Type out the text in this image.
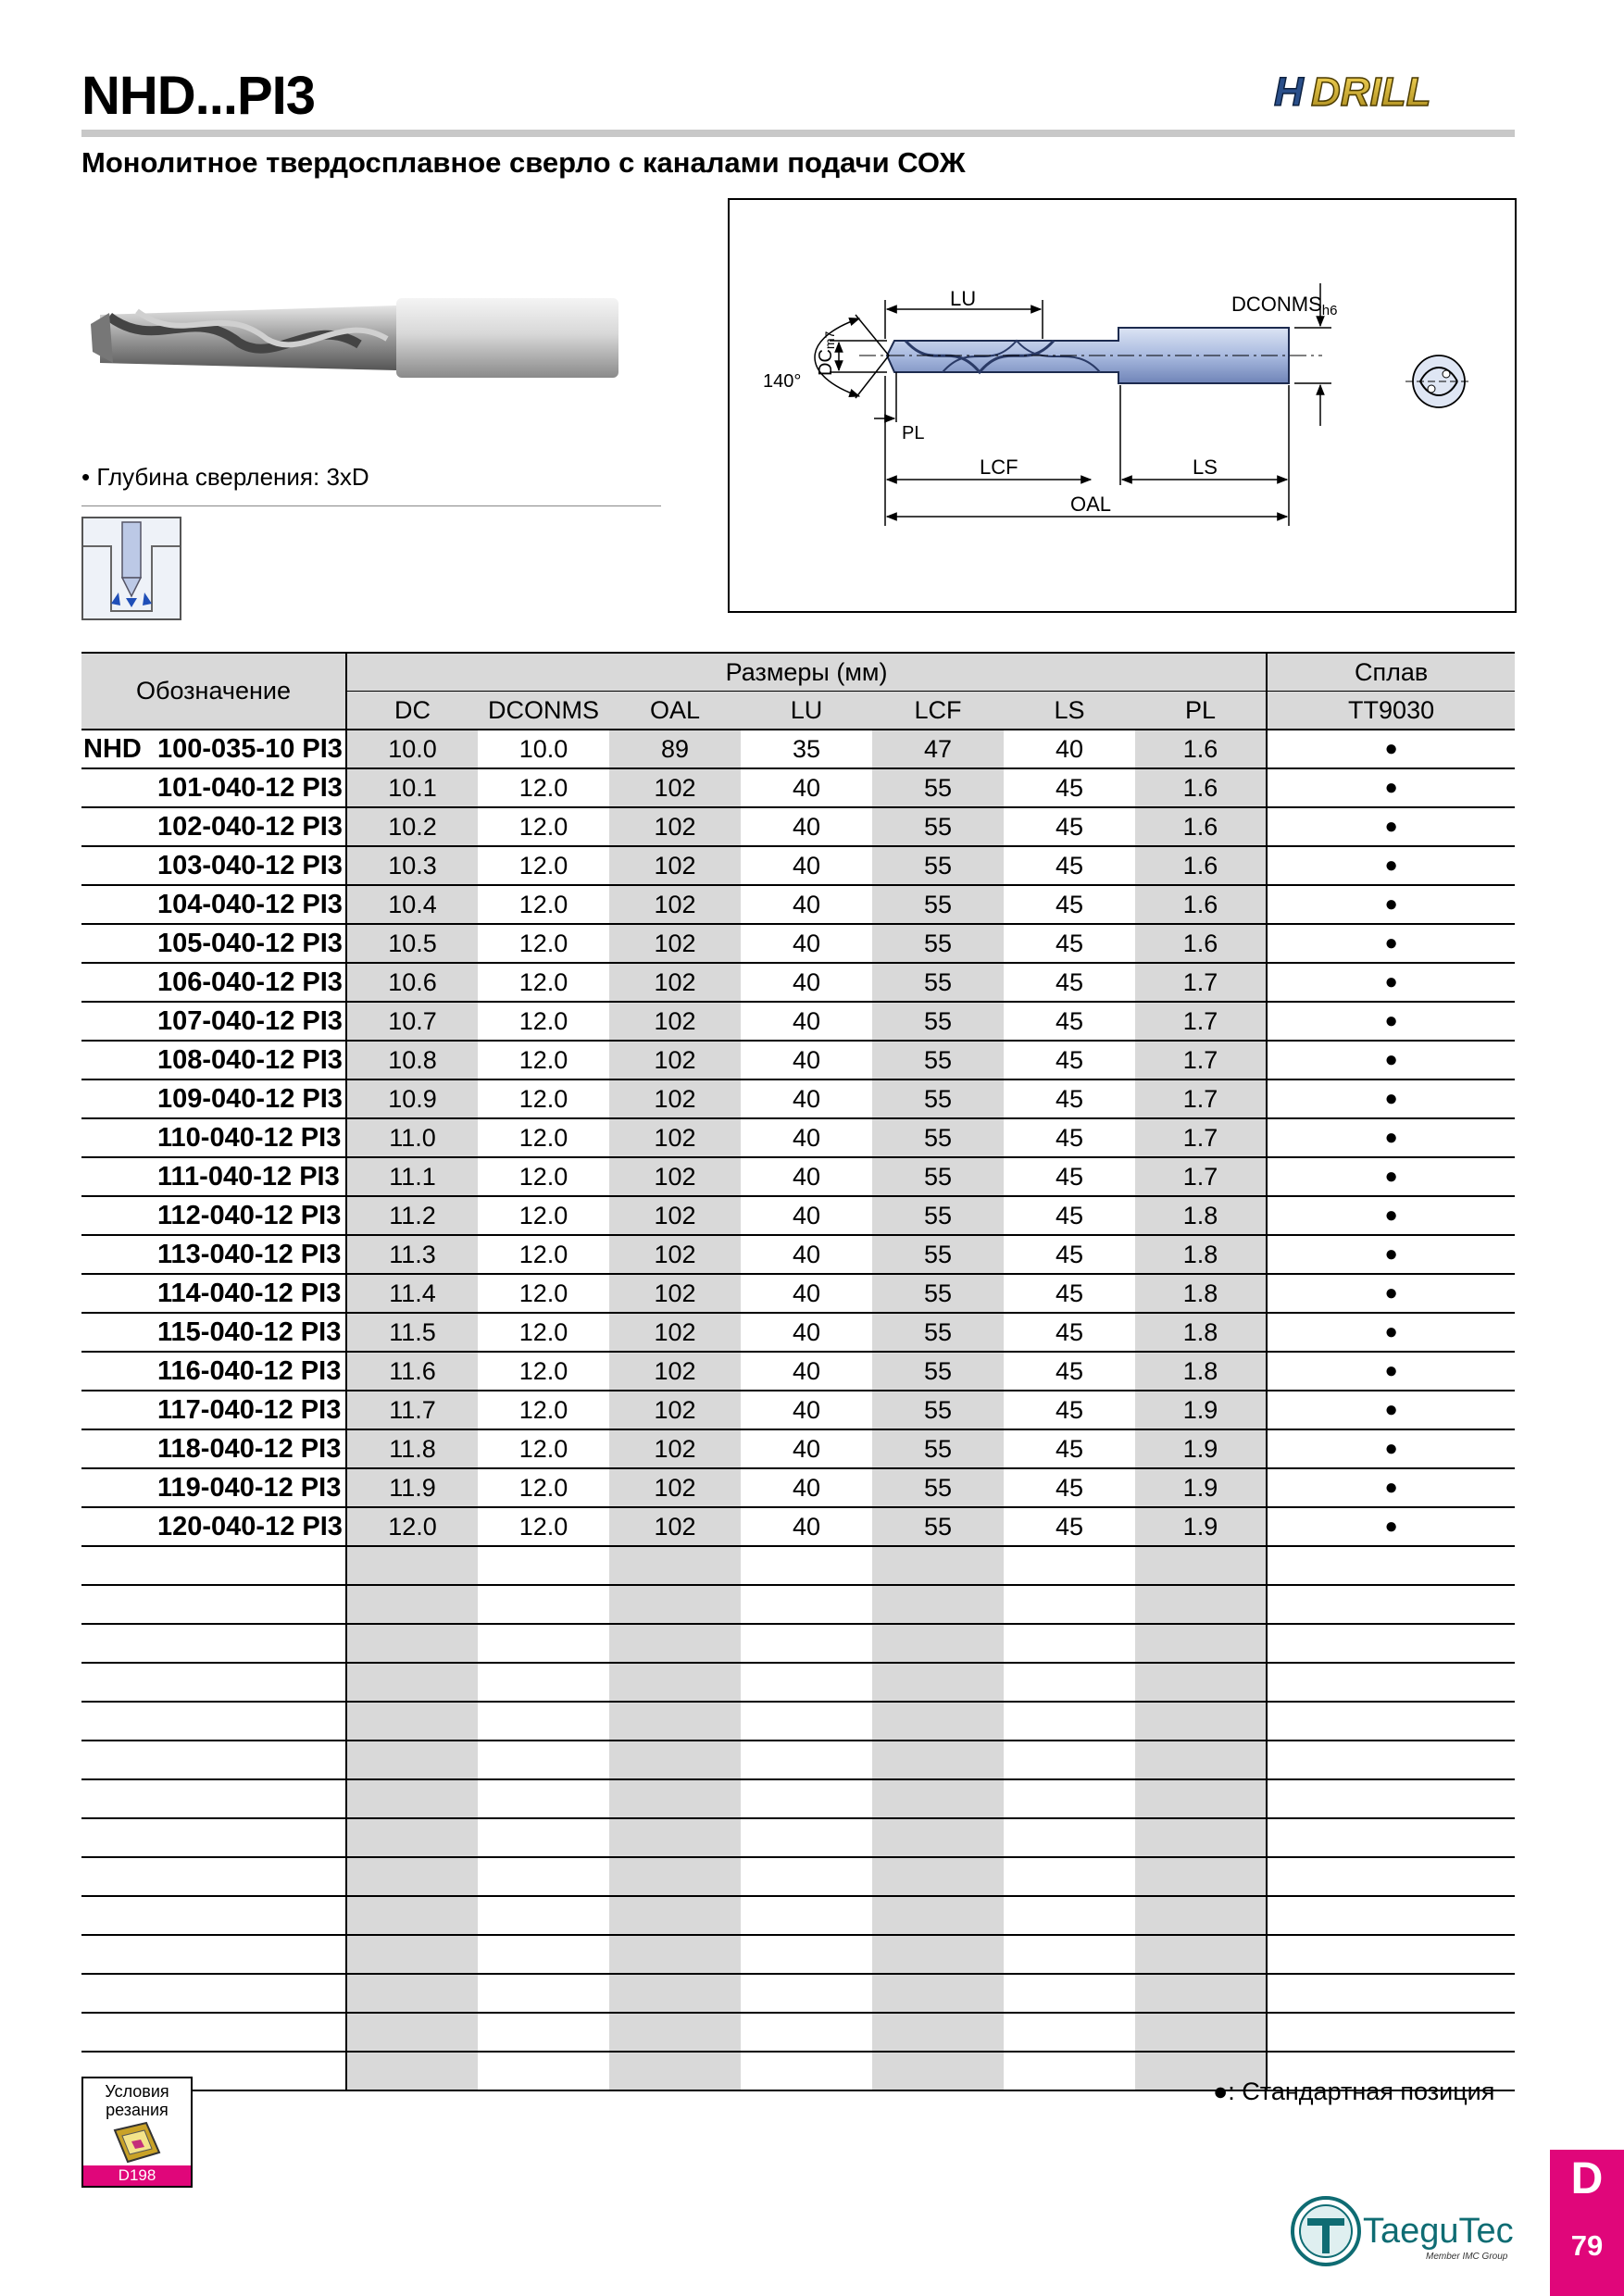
NHD...PI3	H DRILL
Монолитное твердосплавное сверло с каналами подачи СОЖ
• Глубина сверления: 3xD
LU	DCONMSh6
DCm7
140°
PL
LCF	LS
OAL
Обозначение	Размеры (мм)							Сплав
	DC	DCONMS	OAL	LU	LCF	LS	PL	TT9030
NHD 100-035-10 PI3	10.0	10.0	89	35	47	40	1.6	●
101-040-12 PI3	10.1	12.0	102	40	55	45	1.6	●
102-040-12 PI3	10.2	12.0	102	40	55	45	1.6	●
103-040-12 PI3	10.3	12.0	102	40	55	45	1.6	●
104-040-12 PI3	10.4	12.0	102	40	55	45	1.6	●
105-040-12 PI3	10.5	12.0	102	40	55	45	1.6	●
106-040-12 PI3	10.6	12.0	102	40	55	45	1.7	●
107-040-12 PI3	10.7	12.0	102	40	55	45	1.7	●
108-040-12 PI3	10.8	12.0	102	40	55	45	1.7	●
109-040-12 PI3	10.9	12.0	102	40	55	45	1.7	●
110-040-12 PI3	11.0	12.0	102	40	55	45	1.7	●
111-040-12 PI3	11.1	12.0	102	40	55	45	1.7	●
112-040-12 PI3	11.2	12.0	102	40	55	45	1.8	●
113-040-12 PI3	11.3	12.0	102	40	55	45	1.8	●
114-040-12 PI3	11.4	12.0	102	40	55	45	1.8	●
115-040-12 PI3	11.5	12.0	102	40	55	45	1.8	●
116-040-12 PI3	11.6	12.0	102	40	55	45	1.8	●
117-040-12 PI3	11.7	12.0	102	40	55	45	1.9	●
118-040-12 PI3	11.8	12.0	102	40	55	45	1.9	●
119-040-12 PI3	11.9	12.0	102	40	55	45	1.9	●
120-040-12 PI3	12.0	12.0	102	40	55	45	1.9	●

Условия
резания
D198
●: Стандартная позиция
TaeguTec
Member IMC Group
D
79
